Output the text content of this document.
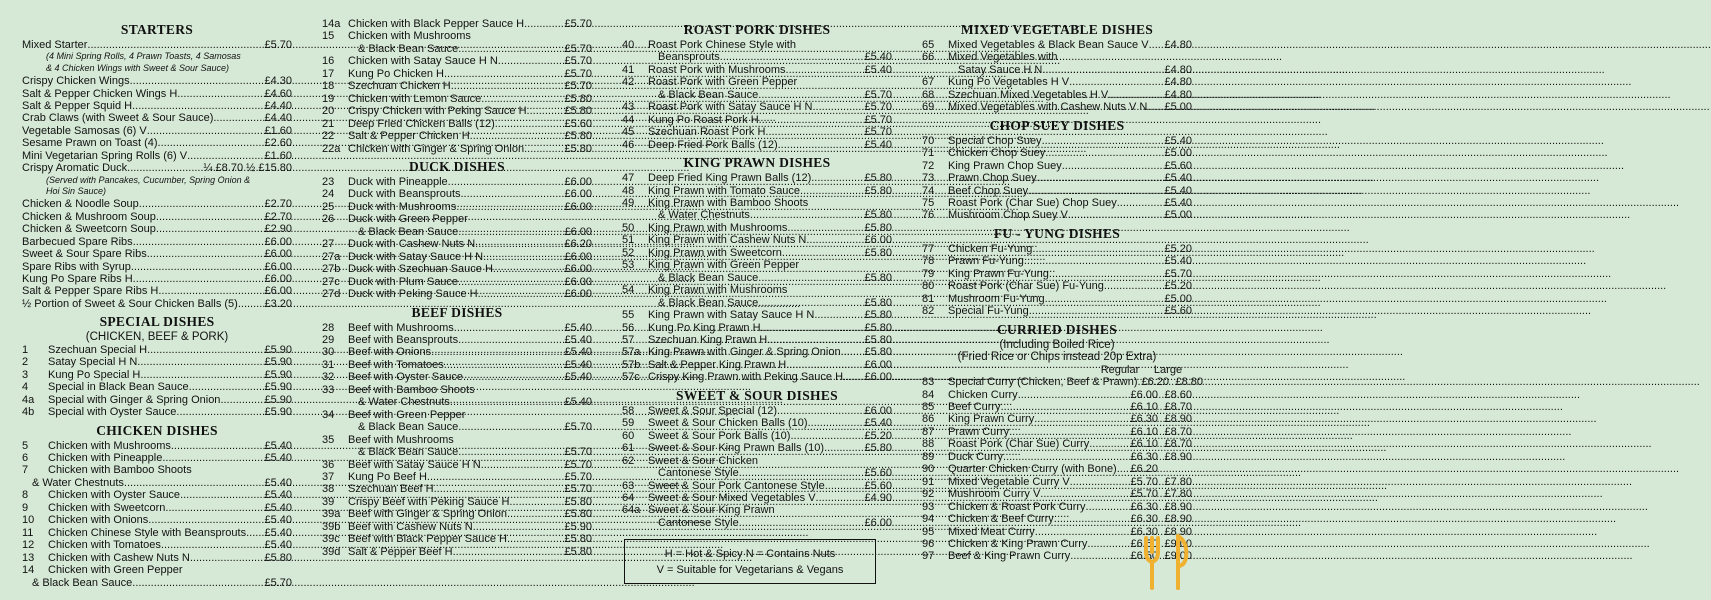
STARTERS
Mixed Starter .....	£5.70
(4 Mini Spring Rolls, 4 Prawn Toasts, 4 Samosas
& 4 Chicken Wings with Sweet & Sour Sauce)
Crispy Chicken Wings .....	£4.30
Salt & Pepper Chicken Wings H .....	£4.60
Salt & Pepper Squid H .....	£4.40
Crab Claws (with Sweet & Sour Sauce) .....	£4.40
Vegetable Samosas (6) V .....	£1.60
Sesame Prawn on Toast (4) .....	£2.60
Mini Vegetarian Spring Rolls (6) V .....	£1.60
Crispy Aromatic Duck .....	¼ £8.70 ½ £15.80
(Served with Pancakes, Cucumber, Spring Onion &
Hoi Sin Sauce)
Chicken & Noodle Soup .....	£2.70
Chicken & Mushroom Soup .....	£2.70
Chicken & Sweetcorn Soup .....	£2.90
Barbecued Spare Ribs .....	£6.00
Sweet & Sour Spare Ribs .....	£6.00
Spare Ribs with Syrup .....	£6.00
Kung Po Spare Ribs H .....	£6.00
Salt & Pepper Spare Ribs H .....	£6.00
½ Portion of Sweet & Sour Chicken Balls (5) ..... £3.20
SPECIAL DISHES
(CHICKEN, BEEF & PORK)
1	Szechuan Special H .....	£5.90
2	Satay Special H N .....	£5.90
3	Kung Po Special H .....	£5.90
4	Special in Black Bean Sauce .....	£5.90
4a	Special with Ginger & Spring Onion .....	£5.90
4b	Special with Oyster Sauce .....	£5.90
CHICKEN DISHES
5	Chicken with Mushrooms .....	£5.40
6	Chicken with Pineapple .....	£5.40
7	Chicken with Bamboo Shoots
& Water Chestnuts .....	£5.40
8	Chicken with Oyster Sauce .....	£5.40
9	Chicken with Sweetcorn .....	£5.40
10	Chicken with Onions .....	£5.40
11	Chicken Chinese Style with Beansprouts ..... £5.40
12	Chicken with Tomatoes .....	£5.40
13	Chicken with Cashew Nuts N .....	£5.80
14	Chicken with Green Pepper
& Black Bean Sauce .....	£5.70
14a Chicken with Black Pepper Sauce H .....	£5.70
15	Chicken with Mushrooms
& Black Bean Sauce .....	£5.70
16	Chicken with Satay Sauce H N .....	£5.70
17	Kung Po Chicken H .....	£5.70
18	Szechuan Chicken H .....	£5.70
19	Chicken with Lemon Sauce .....	£5.80
20	Crispy Chicken with Peking Sauce H .....	£5.80
21	Deep Fried Chicken Balls (12) .....	£5.60
22	Salt & Pepper Chicken H .....	£5.80
22a Chicken with Ginger & Spring Onion .....	£5.80
DUCK DISHES
23	Duck with Pineapple .....	£6.00
24	Duck with Beansprouts .....	£6.00
25	Duck with Mushrooms .....	£6.00
26	Duck with Green Pepper
& Black Bean Sauce .....	£6.00
27	Duck with Cashew Nuts N .....	£6.20
27a Duck with Satay Sauce H N .....	£6.00
27b Duck with Szechuan Sauce H .....	£6.00
27c Duck with Plum Sauce .....	£6.00
27d Duck with Peking Sauce H .....	£6.00
BEEF DISHES
28	Beef with Mushrooms .....	£5.40
29	Beef with Beansprouts .....	£5.40
30	Beef with Onions .....	£5.40
31	Beef with Tomatoes .....	£5.40
32	Beef with Oyster Sauce .....	£5.40
33	Beef with Bamboo Shoots
& Water Chestnuts .....	£5.40
34	Beef with Green Pepper
& Black Bean Sauce .....	£5.70
35	Beef with Mushrooms
& Black Bean Sauce .....	£5.70
36	Beef with Satay Sauce H N .....	£5.70
37	Kung Po Beef H .....	£5.70
38	Szechuan Beef H .....	£5.70
39	Crispy Beef with Peking Sauce H .....	£5.80
39a Beef with Ginger & Spring Onion .....	£5.80
39b Beef with Cashew Nuts N .....	£5.90
39c Beef with Black Pepper Sauce H .....	£5.80
39d Salt & Pepper Beef H .....	£5.80
ROAST PORK DISHES
40	Roast Pork Chinese Style with
Beansprouts .....	£5.40
41	Roast Pork with Mushrooms .....	£5.40
42	Roast Pork with Green Pepper
& Black Bean Sauce .....	£5.70
43	Roast Pork with Satay Sauce H N .....	£5.70
44	Kung Po Roast Pork H .....	£5.70
45	Szechuan Roast Pork H .....	£5.70
46	Deep Fried Pork Balls (12) .....	£5.40
KING PRAWN DISHES
47	Deep Fried King Prawn Balls (12) .....	£5.80
48	King Prawn with Tomato Sauce .....	£5.80
49	King Prawn with Bamboo Shoots
& Water Chestnuts .....	£5.80
50	King Prawn with Mushrooms .....	£5.80
51	King Prawn with Cashew Nuts N .....	£6.00
52	King Prawn with Sweetcorn .....	£5.80
53	King Prawn with Green Pepper
& Black Bean Sauce .....	£5.80
54	King Prawn with Mushrooms
& Black Bean Sauce .....	£5.80
55	King Prawn with Satay Sauce H N .....	£5.80
56	Kung Po King Prawn H .....	£5.80
57	Szechuan King Prawn H .....	£5.80
57a King Prawn with Ginger & Spring Onion ..... £5.80
57b Salt & Pepper King Prawn H .....	£6.00
57c Crispy King Prawn with Peking Sauce H ..... £6.00
SWEET & SOUR DISHES
58	Sweet & Sour Special (12) .....	£6.00
59	Sweet & Sour Chicken Balls (10) .....	£5.40
60	Sweet & Sour Pork Balls (10) .....	£5.20
61	Sweet & Sour King Prawn Balls (10) .....	£5.80
62	Sweet & Sour Chicken
Cantonese Style .....	£5.60
63	Sweet & Sour Pork Cantonese Style .....	£5.60
64	Sweet & Sour Mixed Vegetables V .....	£4.90
64a Sweet & Sour King Prawn
Cantonese Style .....	£6.00
H = Hot & Spicy N = Contains Nuts
V = Suitable for Vegetarians & Vegans
MIXED VEGETABLE DISHES
65	Mixed Vegetables & Black Bean Sauce V ..... £4.80
66	Mixed Vegetables with
Satay Sauce H N .....	£4.80
67	Kung Po Vegetables H V .....	£4.80
68	Szechuan Mixed Vegetables H V .....	£4.80
69	Mixed Vegetables with Cashew Nuts V N ..... £5.00
CHOP SUEY DISHES
70	Special Chop Suey .....	£5.40
71	Chicken Chop Suey .....	£5.00
72	King Prawn Chop Suey .....	£5.60
73	Prawn Chop Suey .....	£5.40
74	Beef Chop Suey .....	£5.40
75	Roast Pork (Char Sue) Chop Suey .....	£5.40
76	Mushroom Chop Suey V .....	£5.00
FU - YUNG DISHES
77	Chicken Fu-Yung .....	£5.20
78	Prawn Fu-Yung .....	£5.40
79	King Prawn Fu-Yung .....	£5.70
80	Roast Pork (Char Sue) Fu-Yung .....	£5.20
81	Mushroom Fu-Yung .....	£5.00
82	Special Fu-Yung .....	£5.60
CURRIED DISHES
(Including Boiled Rice)
(Fried Rice or Chips instead 20p Extra)
Regular	Large
83	Special Curry (Chicken, Beef & Prawn) ..... £6.20 £8.80
84	Chicken Curry .....	£6.00 £8.60
85	Beef Curry .....	£6.10 £8.70
86	King Prawn Curry .....	£6.30 £8.90
87	Prawn Curry .....	£6.10 £8.70
88	Roast Pork (Char Sue) Curry .....	£6.10 £8.70
89	Duck Curry .....	£6.30 £8.90
90	Quarter Chicken Curry (with Bone) ..... £6.20
91	Mixed Vegetable Curry V .....	£5.70 £7.80
92	Mushroom Curry V .....	£5.70 £7.80
93	Chicken & Roast Pork Curry .....	£6.30 £8.90
94	Chicken & Beef Curry .....	£6.30 £8.90
95	Mixed Meat Curry .....	£6.30 £8.90
96	Chicken & King Prawn Curry .....	£6.50 £9.00
97	Beef & King Prawn Curry .....	£6.50 £9.00
